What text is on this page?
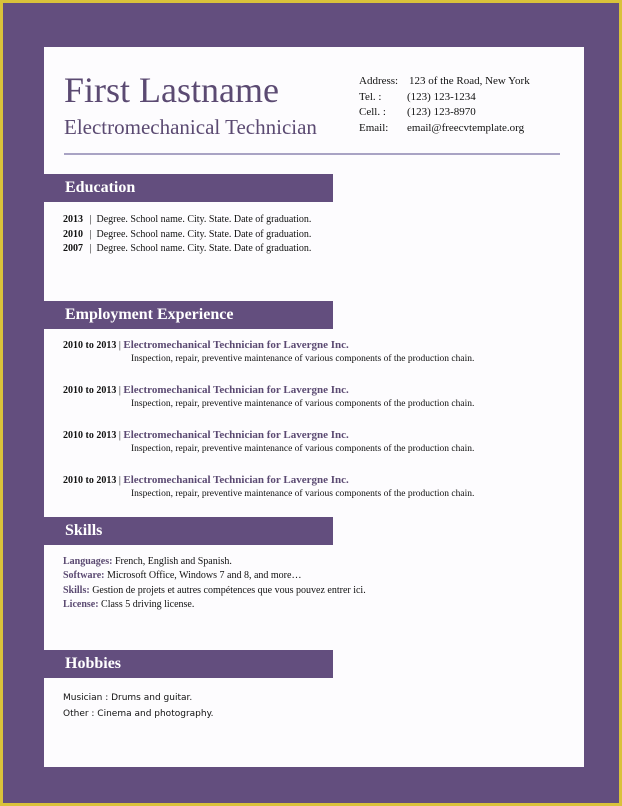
First Lastname
Electromechanical Technician
Address: 123 of the Road, New York
Tel. :	(123) 123-1234
Cell. :	(123) 123-8970
Email:	email@freecvtemplate.org
Education
2013 | Degree. School name. City. State. Date of graduation.
2010 | Degree. School name. City. State. Date of graduation.
2007 | Degree. School name. City. State. Date of graduation.
Employment Experience
2010 to 2013 | Electromechanical Technician for Lavergne Inc.
Inspection, repair, preventive maintenance of various components of the production chain.
2010 to 2013 | Electromechanical Technician for Lavergne Inc.
Inspection, repair, preventive maintenance of various components of the production chain.
2010 to 2013 | Electromechanical Technician for Lavergne Inc.
Inspection, repair, preventive maintenance of various components of the production chain.
2010 to 2013 | Electromechanical Technician for Lavergne Inc.
Inspection, repair, preventive maintenance of various components of the production chain.
Skills
Languages: French, English and Spanish.
Software: Microsoft Office, Windows 7 and 8, and more…
Skills: Gestion de projets et autres compétences que vous pouvez entrer ici.
License: Class 5 driving license.
Hobbies
Musician : Drums and guitar.
Other : Cinema and photography.
